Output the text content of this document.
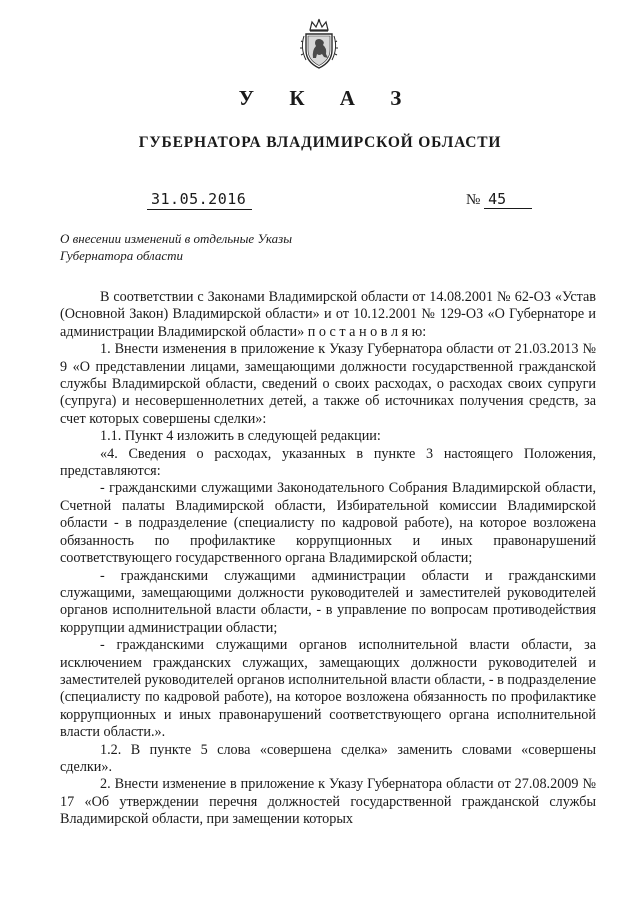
У К А З
ГУБЕРНАТОРА ВЛАДИМИРСКОЙ ОБЛАСТИ
31.05.2016	№ 45
О внесении изменений в отдельные Указы
Губернатора области

В соответствии с Законами Владимирской области от 14.08.2001 № 62-ОЗ «Устав (Основной Закон) Владимирской области» и от 10.12.2001 № 129-ОЗ «О Губернаторе и администрации Владимирской области» п о с т а н о в л я ю:

1. Внести изменения в приложение к Указу Губернатора области от 21.03.2013 № 9 «О представлении лицами, замещающими должности государственной гражданской службы Владимирской области, сведений о своих расходах, о расходах своих супруги (супруга) и несовершеннолетних детей, а также об источниках получения средств, за счет которых совершены сделки»:

1.1. Пункт 4 изложить в следующей редакции:

«4. Сведения о расходах, указанных в пункте 3 настоящего Положения, представляются:

- гражданскими служащими Законодательного Собрания Владимирской области, Счетной палаты Владимирской области, Избирательной комиссии Владимирской области - в подразделение (специалисту по кадровой работе), на которое возложена обязанность по профилактике коррупционных и иных правонарушений соответствующего государственного органа Владимирской области;

- гражданскими служащими администрации области и гражданскими служащими, замещающими должности руководителей и заместителей руководителей органов исполнительной власти области, - в управление по вопросам противодействия коррупции администрации области;

- гражданскими служащими органов исполнительной власти области, за исключением гражданских служащих, замещающих должности руководителей и заместителей руководителей органов исполнительной власти области, - в подразделение (специалисту по кадровой работе), на которое возложена обязанность по профилактике коррупционных и иных правонарушений соответствующего органа исполнительной власти области.».

1.2. В пункте 5 слова «совершена сделка» заменить словами «совершены сделки».

2. Внести изменение в приложение к Указу Губернатора области от 27.08.2009 № 17 «Об утверждении перечня должностей государственной гражданской службы Владимирской области, при замещении которых
